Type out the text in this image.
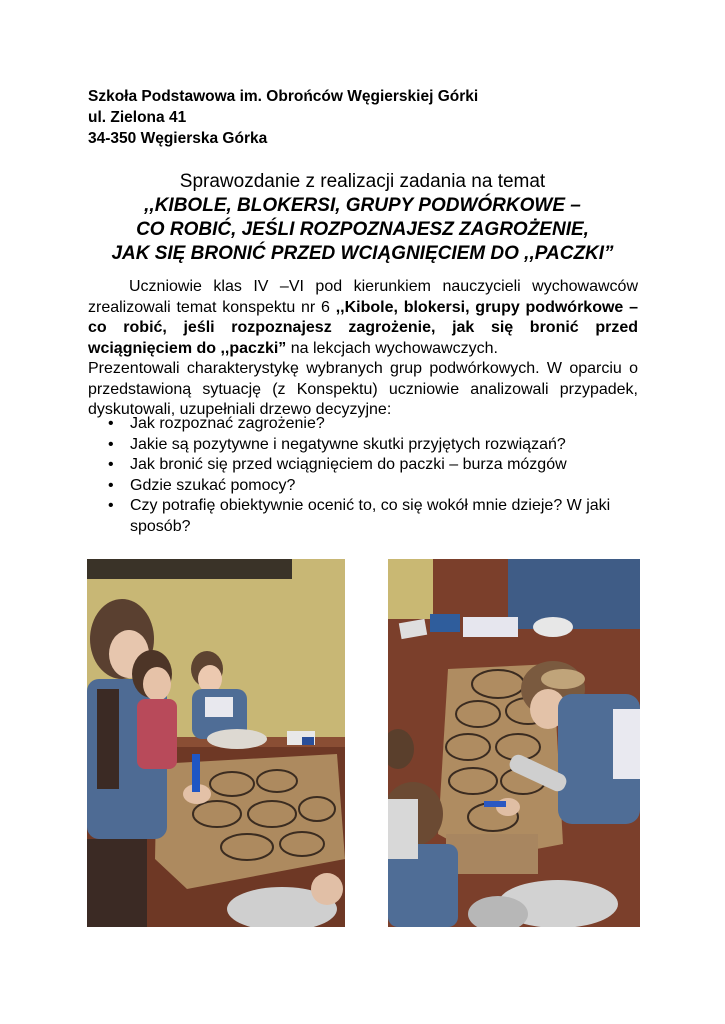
Szkoła Podstawowa im. Obrońców Węgierskiej Górki
ul. Zielona 41
34-350 Węgierska Górka
Sprawozdanie z realizacji zadania na temat
,,KIBOLE, BLOKERSI, GRUPY PODWÓRKOWE –
CO ROBIĆ, JEŚLI ROZPOZNAJESZ ZAGROŻENIE,
JAK SIĘ BRONIĆ PRZED WCIĄGNIĘCIEM DO ,,PACZKI”

Uczniowie klas IV –VI pod kierunkiem nauczycieli wychowawców zrealizowali temat konspektu nr 6 ,,Kibole, blokersi, grupy podwórkowe – co robić, jeśli rozpoznajesz zagrożenie, jak się bronić przed wciągnięciem do ,,paczki” na lekcjach wychowawczych.

Prezentowali charakterystykę wybranych grup podwórkowych. W oparciu o przedstawioną sytuację (z Konspektu) uczniowie analizowali przypadek, dyskutowali, uzupełniali drzewo decyzyjne:

• Jak rozpoznać zagrożenie?
• Jakie są pozytywne i negatywne skutki przyjętych rozwiązań?
• Jak bronić się przed wciągnięciem do paczki – burza mózgów
• Gdzie szukać pomocy?
• Czy potrafię obiektywnie ocenić to, co się wokół mnie dzieje? W jaki sposób?
